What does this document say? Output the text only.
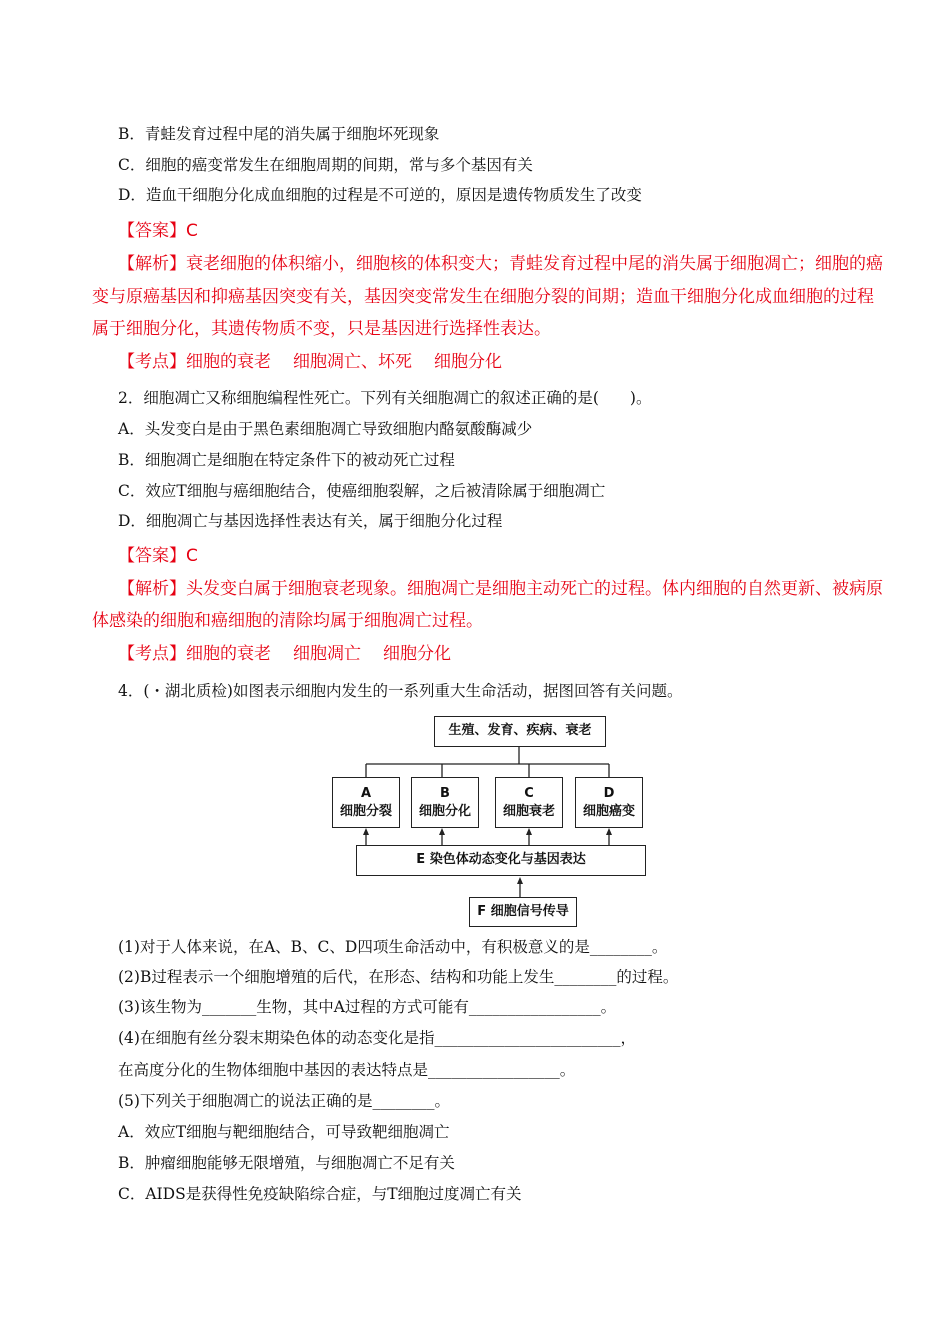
B．青蛙发育过程中尾的消失属于细胞坏死现象
C．细胞的癌变常发生在细胞周期的间期，常与多个基因有关
D．造血干细胞分化成血细胞的过程是不可逆的，原因是遗传物质发生了改变
【答案】C
【解析】衰老细胞的体积缩小，细胞核的体积变大；青蛙发育过程中尾的消失属于细胞凋亡；细胞的癌
变与原癌基因和抑癌基因突变有关，基因突变常发生在细胞分裂的间期；造血干细胞分化成血细胞的过程
属于细胞分化，其遗传物质不变，只是基因进行选择性表达。
【考点】细胞的衰老 细胞凋亡、坏死 细胞分化
2．细胞凋亡又称细胞编程性死亡。下列有关细胞凋亡的叙述正确的是(　　)。
A．头发变白是由于黑色素细胞凋亡导致细胞内酪氨酸酶减少
B．细胞凋亡是细胞在特定条件下的被动死亡过程
C．效应T细胞与癌细胞结合，使癌细胞裂解，之后被清除属于细胞凋亡
D．细胞凋亡与基因选择性表达有关，属于细胞分化过程
【答案】C
【解析】头发变白属于细胞衰老现象。细胞凋亡是细胞主动死亡的过程。体内细胞的自然更新、被病原
体感染的细胞和癌细胞的清除均属于细胞凋亡过程。
【考点】细胞的衰老 细胞凋亡 细胞分化
4．(・湖北质检)如图表示细胞内发生的一系列重大生命活动，据图回答有关问题。
生殖、发育、疾病、衰老
A
细胞分裂
B
细胞分化
C
细胞衰老
D
细胞癌变
E 染色体动态变化与基因表达
F 细胞信号传导
(1)对于人体来说，在A、B、C、D四项生命活动中，有积极意义的是________。
(2)B过程表示一个细胞增殖的后代，在形态、结构和功能上发生________的过程。
(3)该生物为_______生物，其中A过程的方式可能有_________________。
(4)在细胞有丝分裂末期染色体的动态变化是指________________________，
在高度分化的生物体细胞中基因的表达特点是_________________。
(5)下列关于细胞凋亡的说法正确的是________。
A．效应T细胞与靶细胞结合，可导致靶细胞凋亡
B．肿瘤细胞能够无限增殖，与细胞凋亡不足有关
C．AIDS是获得性免疫缺陷综合症，与T细胞过度凋亡有关
